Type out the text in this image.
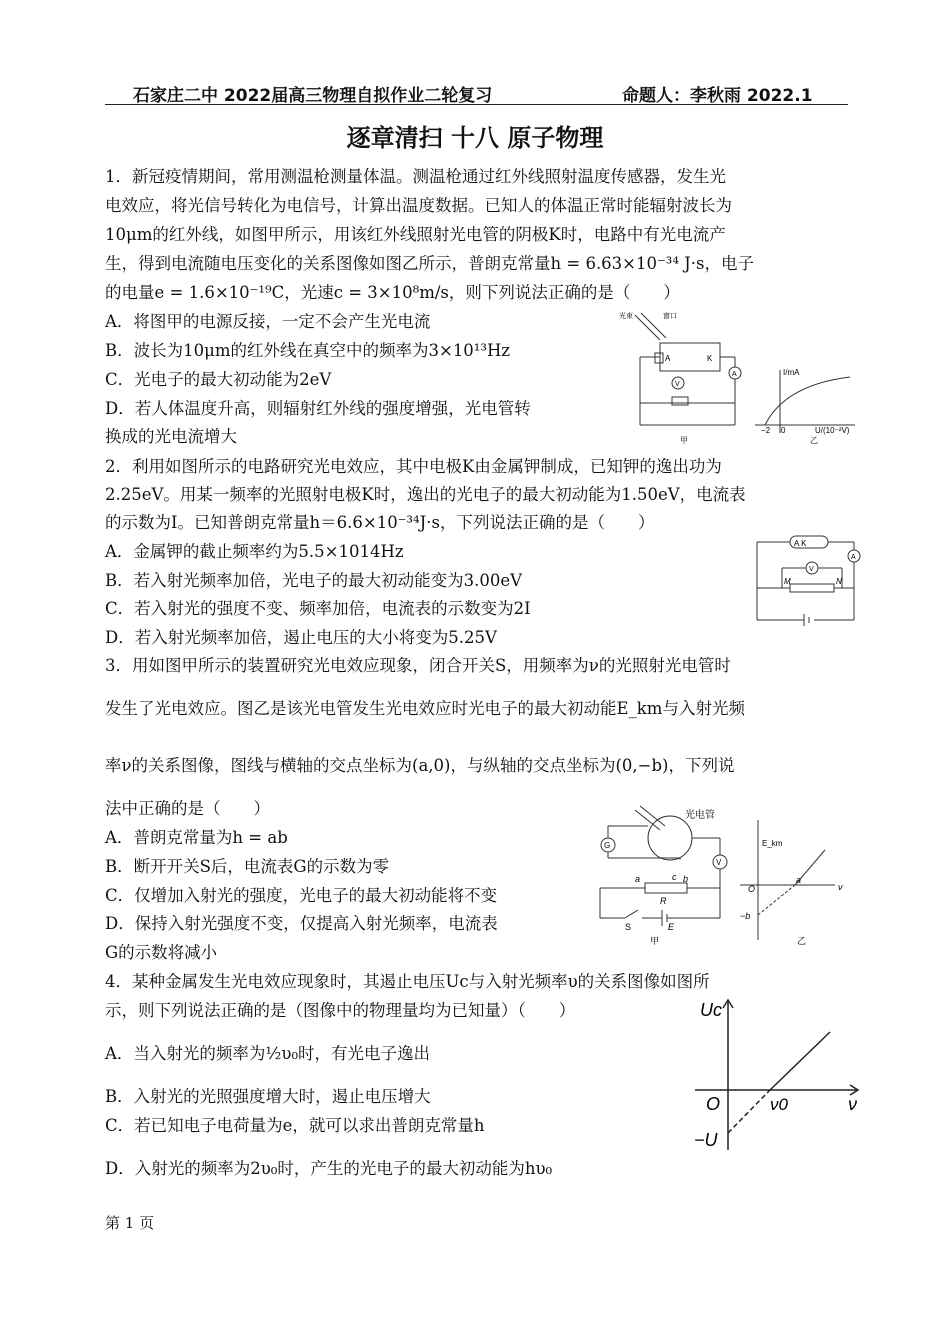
石家庄二中 2022届高三物理自拟作业二轮复习	命题人：李秋雨 2022.1
逐章清扫 十八 原子物理
1．新冠疫情期间，常用测温枪测量体温。测温枪通过红外线照射温度传感器，发生光
电效应，将光信号转化为电信号，计算出温度数据。已知人的体温正常时能辐射波长为
10μm的红外线，如图甲所示，用该红外线照射光电管的阴极K时，电路中有光电流产
生，得到电流随电压变化的关系图像如图乙所示，普朗克常量h = 6.63×10⁻³⁴ J·s，电子
的电量e = 1.6×10⁻¹⁹C，光速c = 3×10⁸m/s，则下列说法正确的是（　　）
A．将图甲的电源反接，一定不会产生光电流
B．波长为10μm的红外线在真空中的频率为3×10¹³Hz
C．光电子的最大初动能为2eV
D．若人体温度升高，则辐射红外线的强度增强，光电管转
换成的光电流增大
光束	窗口
A	K
A
V
甲
I/mA
U/(10⁻²V)
−2 0
乙
2．利用如图所示的电路研究光电效应，其中电极K由金属钾制成，已知钾的逸出功为
2.25eV。用某一频率的光照射电极K时，逸出的光电子的最大初动能为1.50eV，电流表
的示数为I。已知普朗克常量h＝6.6×10⁻³⁴J·s，下列说法正确的是（　　）
A．金属钾的截止频率约为5.5×1014Hz
B．若入射光频率加倍，光电子的最大初动能变为3.00eV
C．若入射光的强度不变、频率加倍，电流表的示数变为2I
D．若入射光频率加倍，遏止电压的大小将变为5.25V
A K
A
V
M	N
3．用如图甲所示的装置研究光电效应现象，闭合开关S，用频率为ν的光照射光电管时
发生了光电效应。图乙是该光电管发生光电效应时光电子的最大初动能E_km与入射光频
率ν的关系图像，图线与横轴的交点坐标为(a,0)，与纵轴的交点坐标为(0,−b)，下列说
法中正确的是（　　）
A．普朗克常量为h = ab
B．断开开关S后，电流表G的示数为零
C．仅增加入射光的强度，光电子的最大初动能将不变
D．保持入射光强度不变，仅提高入射光频率，电流表
G的示数将减小
光电管
G
V
a	c b
R
S	E
甲
E_km
O
a
ν
−b
乙
4．某种金属发生光电效应现象时，其遏止电压Uc与入射光频率υ的关系图像如图所
示，则下列说法正确的是（图像中的物理量均为已知量）（　　）
A．当入射光的频率为½υ₀时，有光电子逸出
B．入射光的光照强度增大时，遏止电压增大
C．若已知电子电荷量为e，就可以求出普朗克常量h
D．入射光的频率为2υ₀时，产生的光电子的最大初动能为hυ₀
Uc
O	ν0	ν
−U
第 1 页
